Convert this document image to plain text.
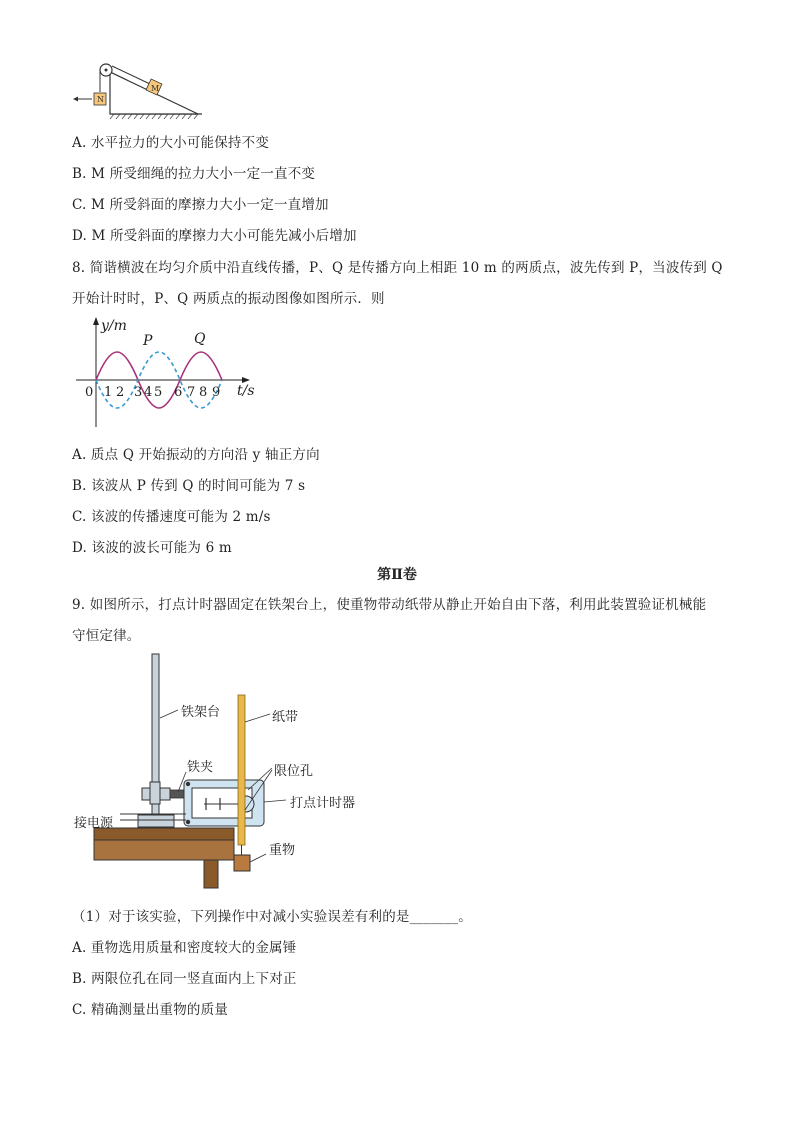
M
N
A. 水平拉力的大小可能保持不变
B. M 所受细绳的拉力大小一定一直不变
C. M 所受斜面的摩擦力大小一定一直增加
D. M 所受斜面的摩擦力大小可能先减小后增加
8. 简谐横波在均匀介质中沿直线传播，P、Q 是传播方向上相距 10 m 的两质点，波先传到 P，当波传到 Q
开始计时时，P、Q 两质点的振动图像如图所示．则
y/m
t/s
P	Q
0 1 2 3 4 5 6 7 8 9
A. 质点 Q 开始振动的方向沿 y 轴正方向
B. 该波从 P 传到 Q 的时间可能为 7 s
C. 该波的传播速度可能为 2 m/s
D. 该波的波长可能为 6 m
第Ⅱ卷
9. 如图所示，打点计时器固定在铁架台上，使重物带动纸带从静止开始自由下落，利用此装置验证机械能
守恒定律。
铁架台	纸带
铁夹	限位孔
打点计时器
接电源
重物
（1）对于该实验，下列操作中对减小实验误差有利的是_______。
A. 重物选用质量和密度较大的金属锤
B. 两限位孔在同一竖直面内上下对正
C. 精确测量出重物的质量
